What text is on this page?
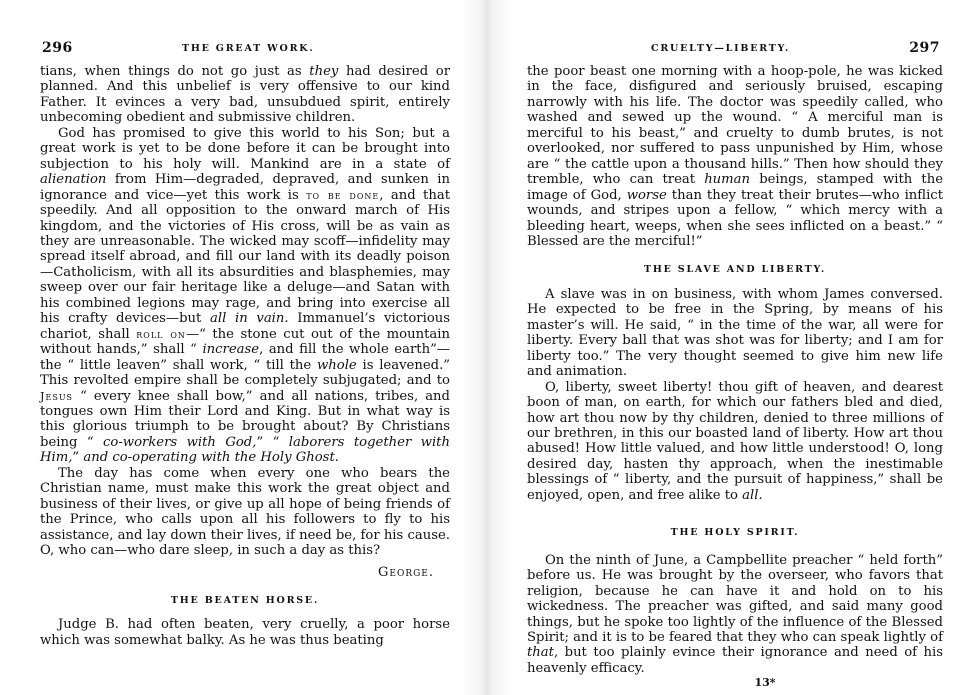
296	THE GREAT WORK.

tians, when things do not go just as they had desired or planned. And this unbelief is very offensive to our kind Father. It evinces a very bad, unsubdued spirit, entirely unbecoming obedient and submissive children.

God has promised to give this world to his Son; but a great work is yet to be done before it can be brought into subjection to his holy will. Mankind are in a state of alienation from Him—degraded, depraved, and sunken in ignorance and vice—yet this work is to be done, and that speedily. And all opposition to the onward march of His kingdom, and the victories of His cross, will be as vain as they are unreasonable. The wicked may scoff—infidelity may spread itself abroad, and fill our land with its deadly poison—Catholicism, with all its absurdities and blasphemies, may sweep over our fair heritage like a deluge—and Satan with his combined legions may rage, and bring into exercise all his crafty devices—but all in vain. Immanuel’s victorious chariot, shall roll on—“ the stone cut out of the mountain without hands,” shall “ increase, and fill the whole earth”—the “ little leaven” shall work, “ till the whole is leavened.” This revolted empire shall be completely subjugated; and to Jesus “ every knee shall bow,” and all nations, tribes, and tongues own Him their Lord and King. But in what way is this glorious triumph to be brought about? By Christians being “ co-workers with God,” “ laborers together with Him,” and co-operating with the Holy Ghost.

The day has come when every one who bears the Christian name, must make this work the great object and business of their lives, or give up all hope of being friends of the Prince, who calls upon all his followers to fly to his assistance, and lay down their lives, if need be, for his cause. O, who can—who dare sleep, in such a day as this?

George.
THE BEATEN HORSE.

Judge B. had often beaten, very cruelly, a poor horse which was somewhat balky. As he was thus beating

CRUELTY—LIBERTY.	297

the poor beast one morning with a hoop-pole, he was kicked in the face, disfigured and seriously bruised, escaping narrowly with his life. The doctor was speedily called, who washed and sewed up the wound. “ A merciful man is merciful to his beast,” and cruelty to dumb brutes, is not overlooked, nor suffered to pass unpunished by Him, whose are “ the cattle upon a thousand hills.” Then how should they tremble, who can treat human beings, stamped with the image of God, worse than they treat their brutes—who inflict wounds, and stripes upon a fellow, “ which mercy with a bleeding heart, weeps, when she sees inflicted on a beast.” “ Blessed are the merciful!”

THE SLAVE AND LIBERTY.

A slave was in on business, with whom James conversed. He expected to be free in the Spring, by means of his master’s will. He said, “ in the time of the war, all were for liberty. Every ball that was shot was for liberty; and I am for liberty too.” The very thought seemed to give him new life and animation.

O, liberty, sweet liberty! thou gift of heaven, and dearest boon of man, on earth, for which our fathers bled and died, how art thou now by thy children, denied to three millions of our brethren, in this our boasted land of liberty. How art thou abused! How little valued, and how little understood! O, long desired day, hasten thy approach, when the inestimable blessings of “ liberty, and the pursuit of happiness,” shall be enjoyed, open, and free alike to all.

THE HOLY SPIRIT.

On the ninth of June, a Campbellite preacher “ held forth” before us. He was brought by the overseer, who favors that religion, because he can have it and hold on to his wickedness. The preacher was gifted, and said many good things, but he spoke too lightly of the influence of the Blessed Spirit; and it is to be feared that they who can speak lightly of that, but too plainly evince their ignorance and need of his heavenly efficacy.

13*
